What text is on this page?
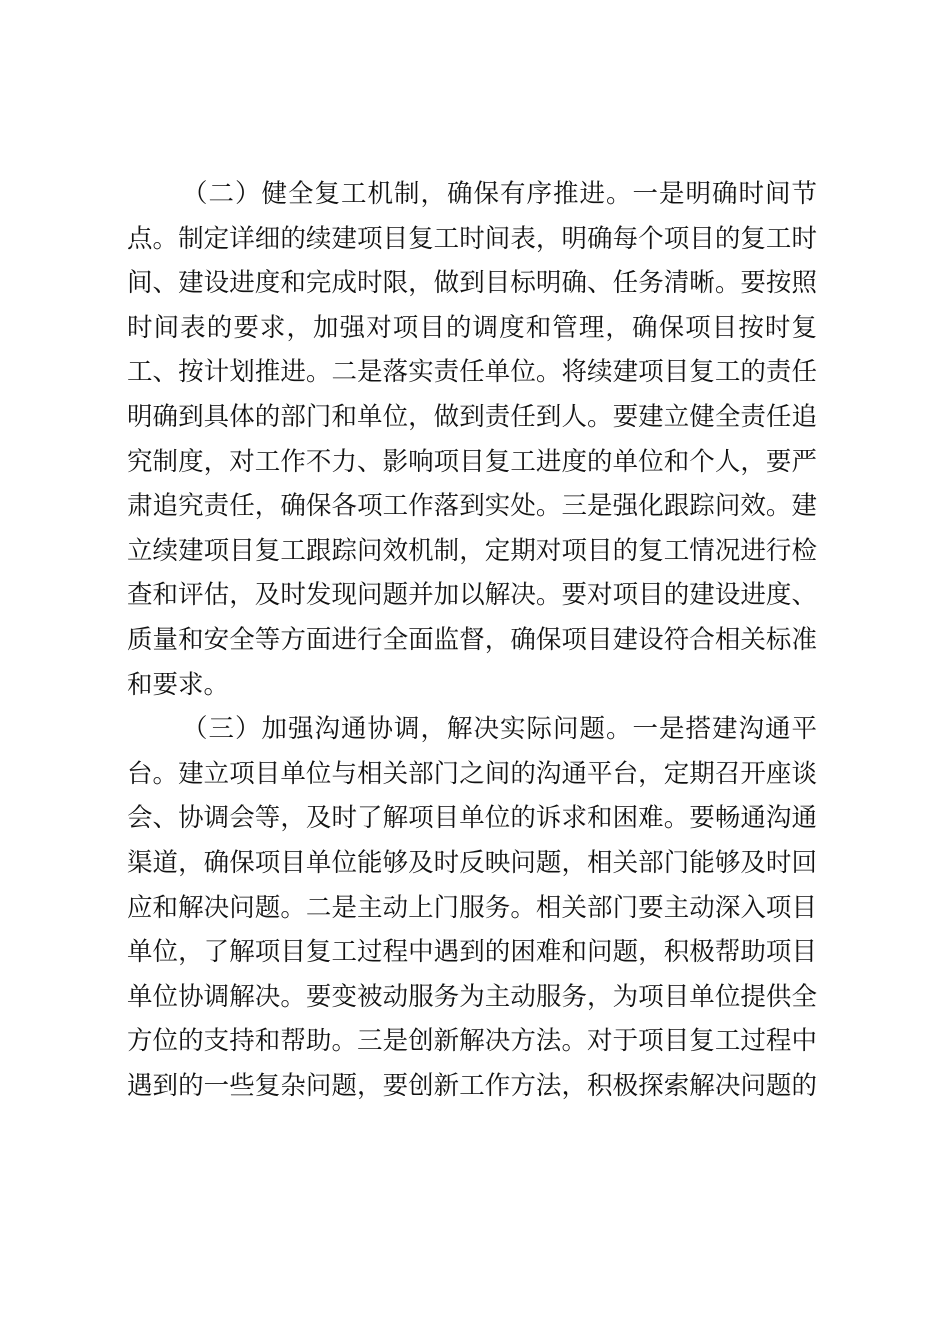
（二）健全复工机制，确保有序推进。一是明确时间节
点。制定详细的续建项目复工时间表，明确每个项目的复工时
间、建设进度和完成时限，做到目标明确、任务清晰。要按照
时间表的要求，加强对项目的调度和管理，确保项目按时复
工、按计划推进。二是落实责任单位。将续建项目复工的责任
明确到具体的部门和单位，做到责任到人。要建立健全责任追
究制度，对工作不力、影响项目复工进度的单位和个人，要严
肃追究责任，确保各项工作落到实处。三是强化跟踪问效。建
立续建项目复工跟踪问效机制，定期对项目的复工情况进行检
查和评估，及时发现问题并加以解决。要对项目的建设进度、
质量和安全等方面进行全面监督，确保项目建设符合相关标准
和要求。
（三）加强沟通协调，解决实际问题。一是搭建沟通平
台。建立项目单位与相关部门之间的沟通平台，定期召开座谈
会、协调会等，及时了解项目单位的诉求和困难。要畅通沟通
渠道，确保项目单位能够及时反映问题，相关部门能够及时回
应和解决问题。二是主动上门服务。相关部门要主动深入项目
单位，了解项目复工过程中遇到的困难和问题，积极帮助项目
单位协调解决。要变被动服务为主动服务，为项目单位提供全
方位的支持和帮助。三是创新解决方法。对于项目复工过程中
遇到的一些复杂问题，要创新工作方法，积极探索解决问题的
